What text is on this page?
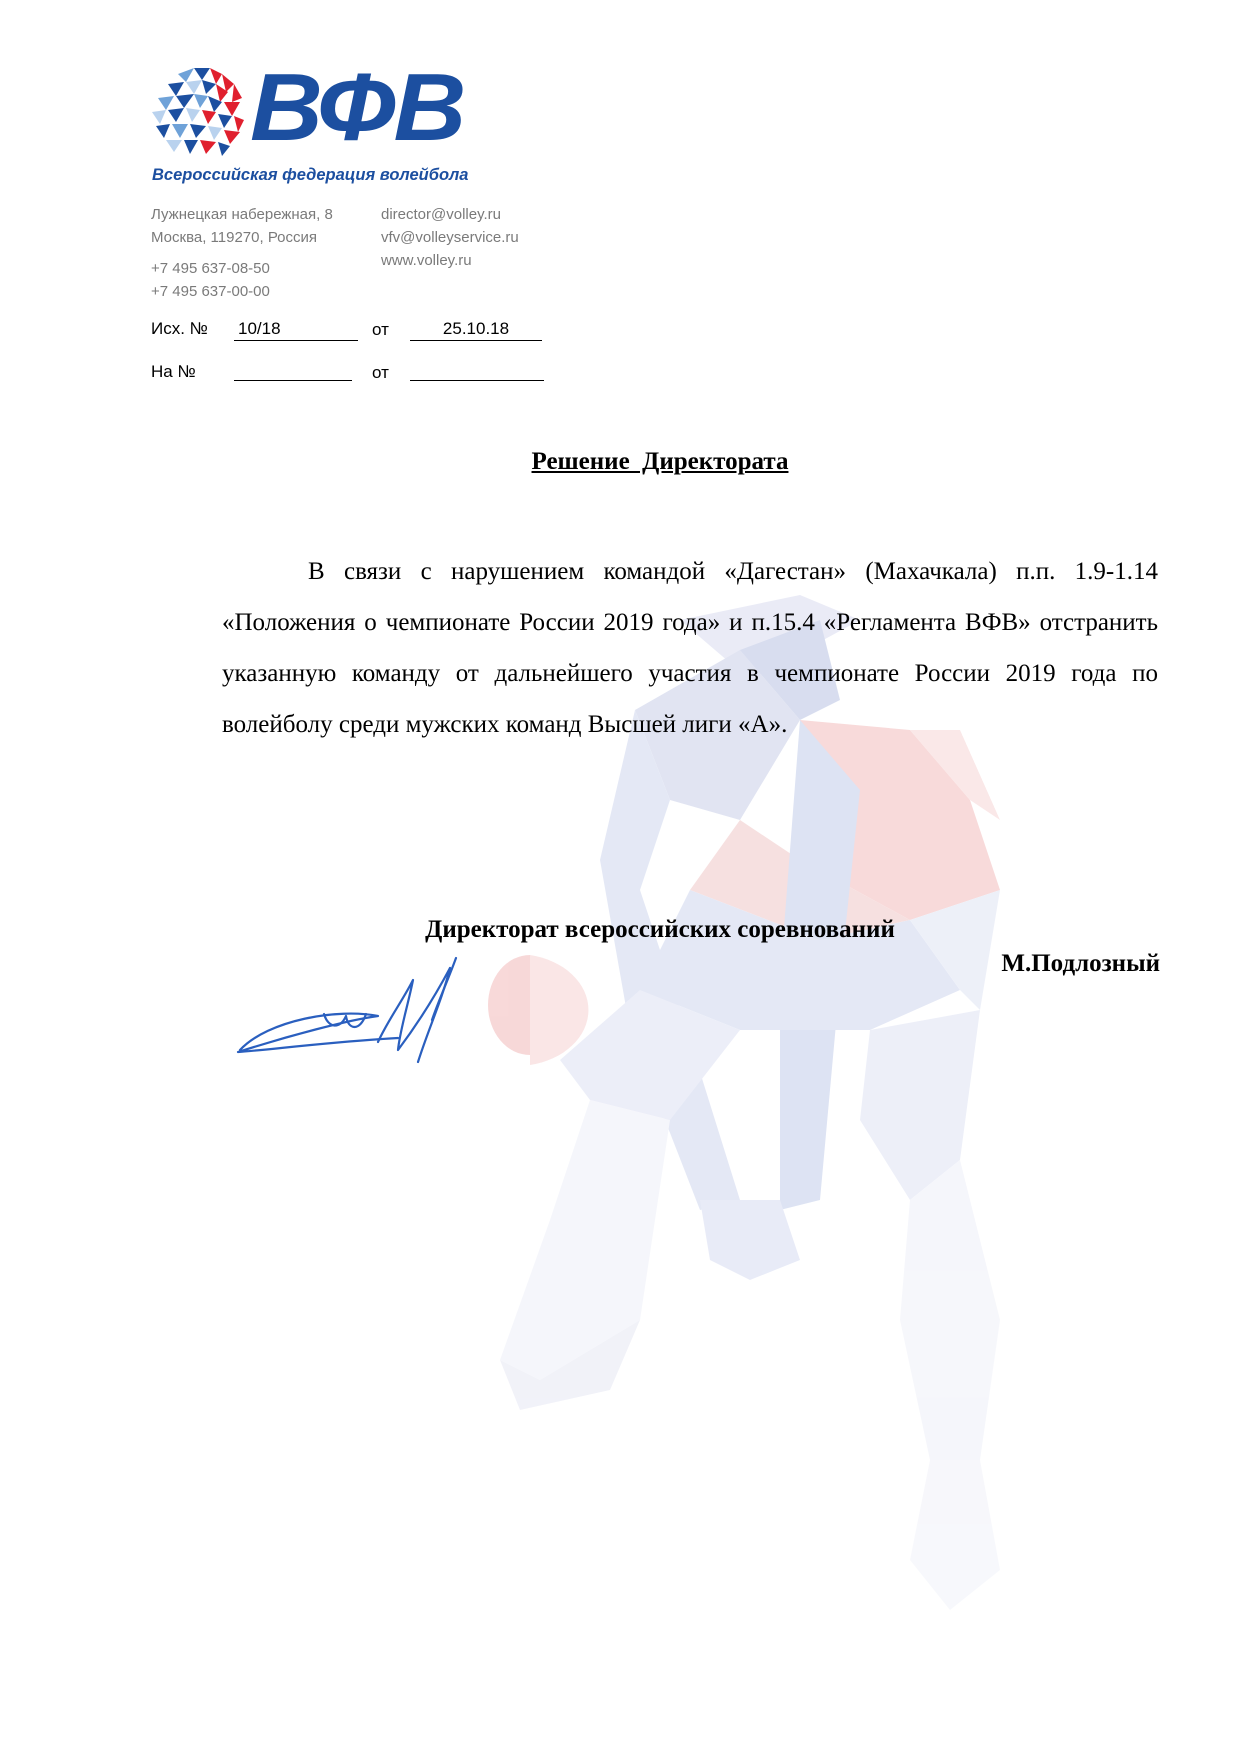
ВФВ
Всероссийская федерация волейбола
Лужнецкая набережная, 8
Москва, 119270, Россия
+7 495 637-08-50
+7 495 637-00-00
director@volley.ru
vfv@volleyservice.ru
www.volley.ru
Исх. № 10/18	от	25.10.18
На №	от
Решение  Директората
В связи с нарушением командой «Дагестан» (Махачкала) п.п. 1.9-1.14 «Положения о чемпионате России 2019 года» и п.15.4 «Регламента ВФВ» отстранить указанную команду от дальнейшего участия в чемпионате России 2019 года по волейболу среди мужских команд Высшей лиги «А».
Директорат всероссийских соревнований
М.Подлозный
